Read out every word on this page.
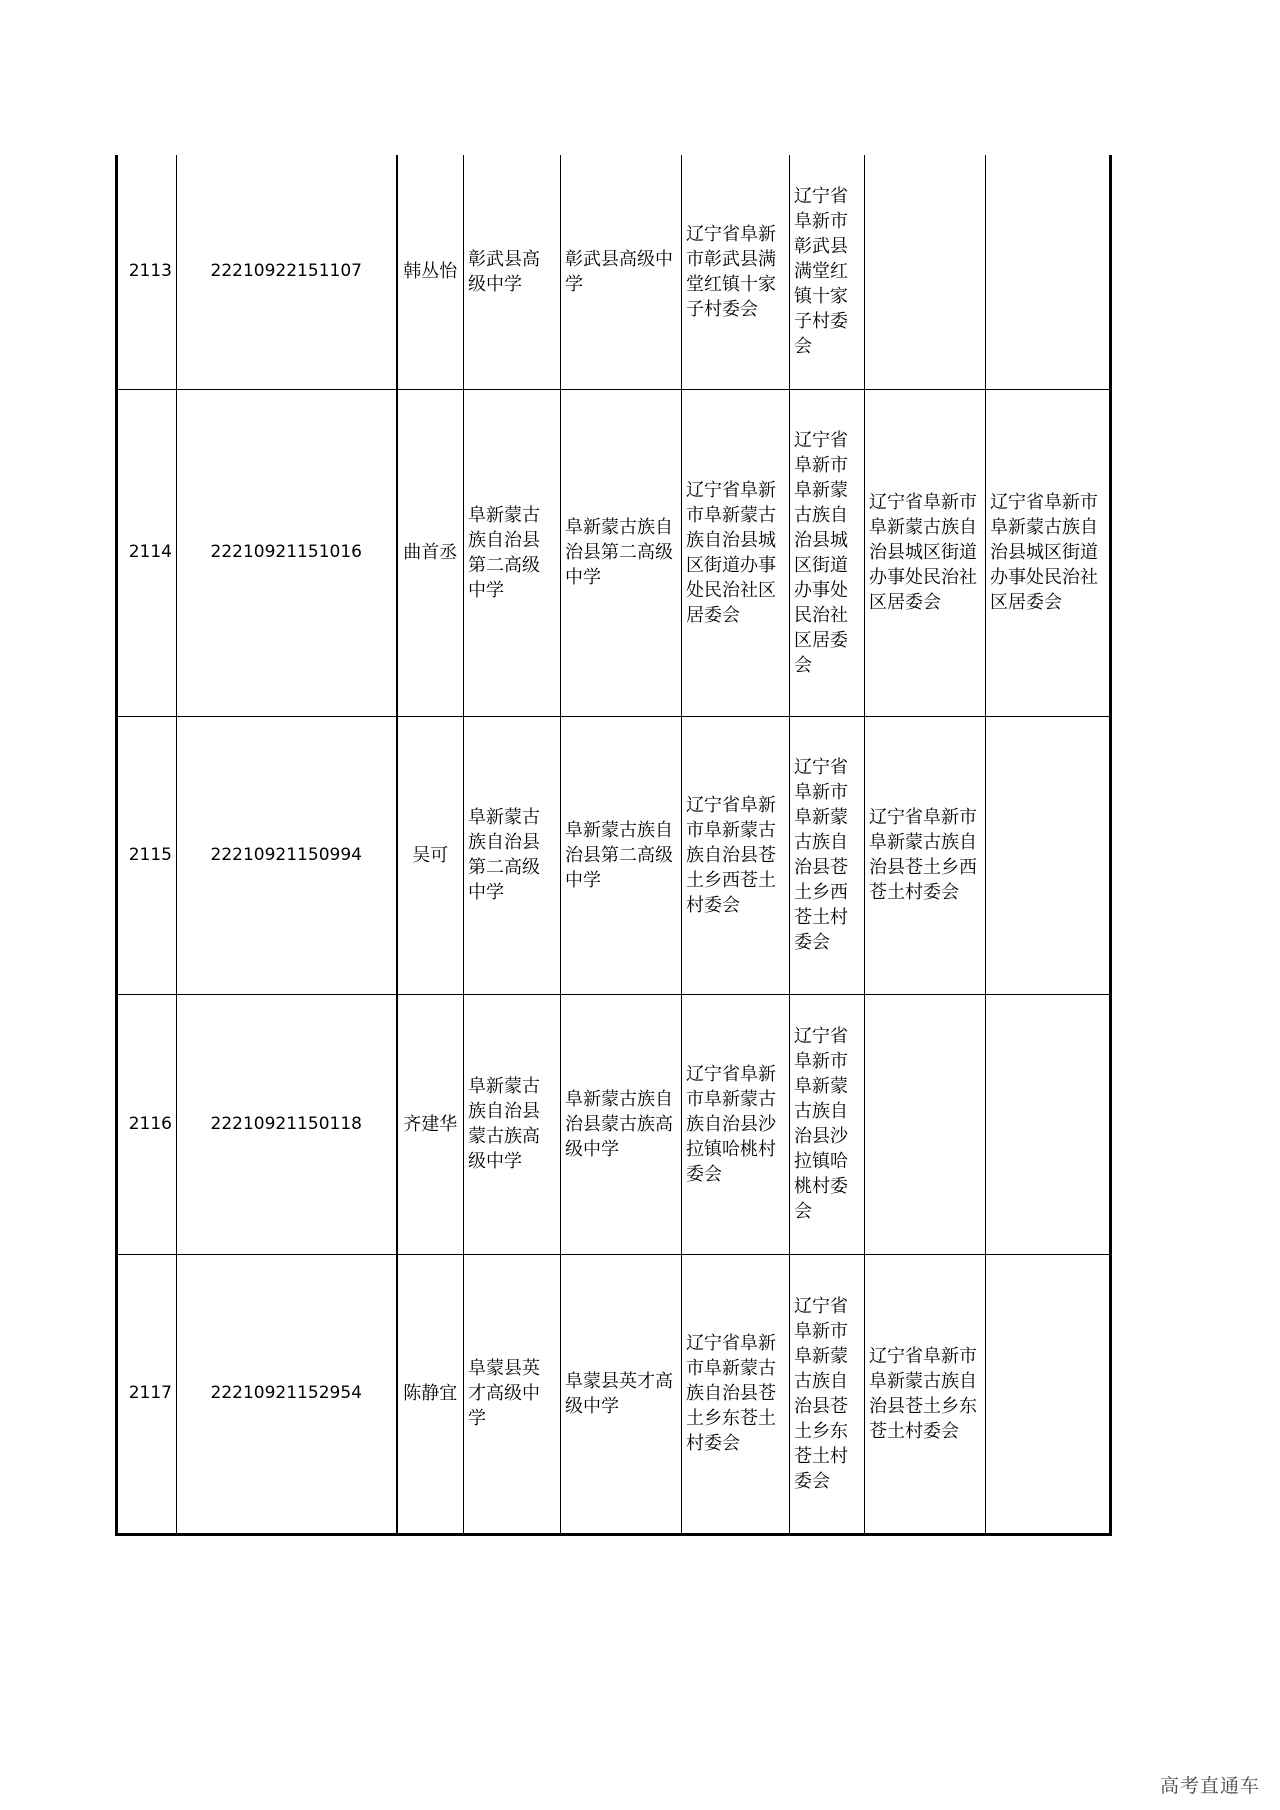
2113	22210922151107	韩丛怡	彰武县高级中学	彰武县高级中学	辽宁省阜新市彰武县满堂红镇十家子村委会	辽宁省阜新市彰武县满堂红镇十家子村委会		
2114	22210921151016	曲首丞	阜新蒙古族自治县第二高级中学	阜新蒙古族自治县第二高级中学	辽宁省阜新市阜新蒙古族自治县城区街道办事处民治社区居委会	辽宁省阜新市阜新蒙古族自治县城区街道办事处民治社区居委会	辽宁省阜新市阜新蒙古族自治县城区街道办事处民治社区居委会	辽宁省阜新市阜新蒙古族自治县城区街道办事处民治社区居委会
2115	22210921150994	吴可	阜新蒙古族自治县第二高级中学	阜新蒙古族自治县第二高级中学	辽宁省阜新市阜新蒙古族自治县苍土乡西苍土村委会	辽宁省阜新市阜新蒙古族自治县苍土乡西苍土村委会	辽宁省阜新市阜新蒙古族自治县苍土乡西苍土村委会	
2116	22210921150118	齐建华	阜新蒙古族自治县蒙古族高级中学	阜新蒙古族自治县蒙古族高级中学	辽宁省阜新市阜新蒙古族自治县沙拉镇哈桃村委会	辽宁省阜新市阜新蒙古族自治县沙拉镇哈桃村委会		
2117	22210921152954	陈静宜	阜蒙县英才高级中学	阜蒙县英才高级中学	辽宁省阜新市阜新蒙古族自治县苍土乡东苍土村委会	辽宁省阜新市阜新蒙古族自治县苍土乡东苍土村委会	辽宁省阜新市阜新蒙古族自治县苍土乡东苍土村委会	
高考直通车
